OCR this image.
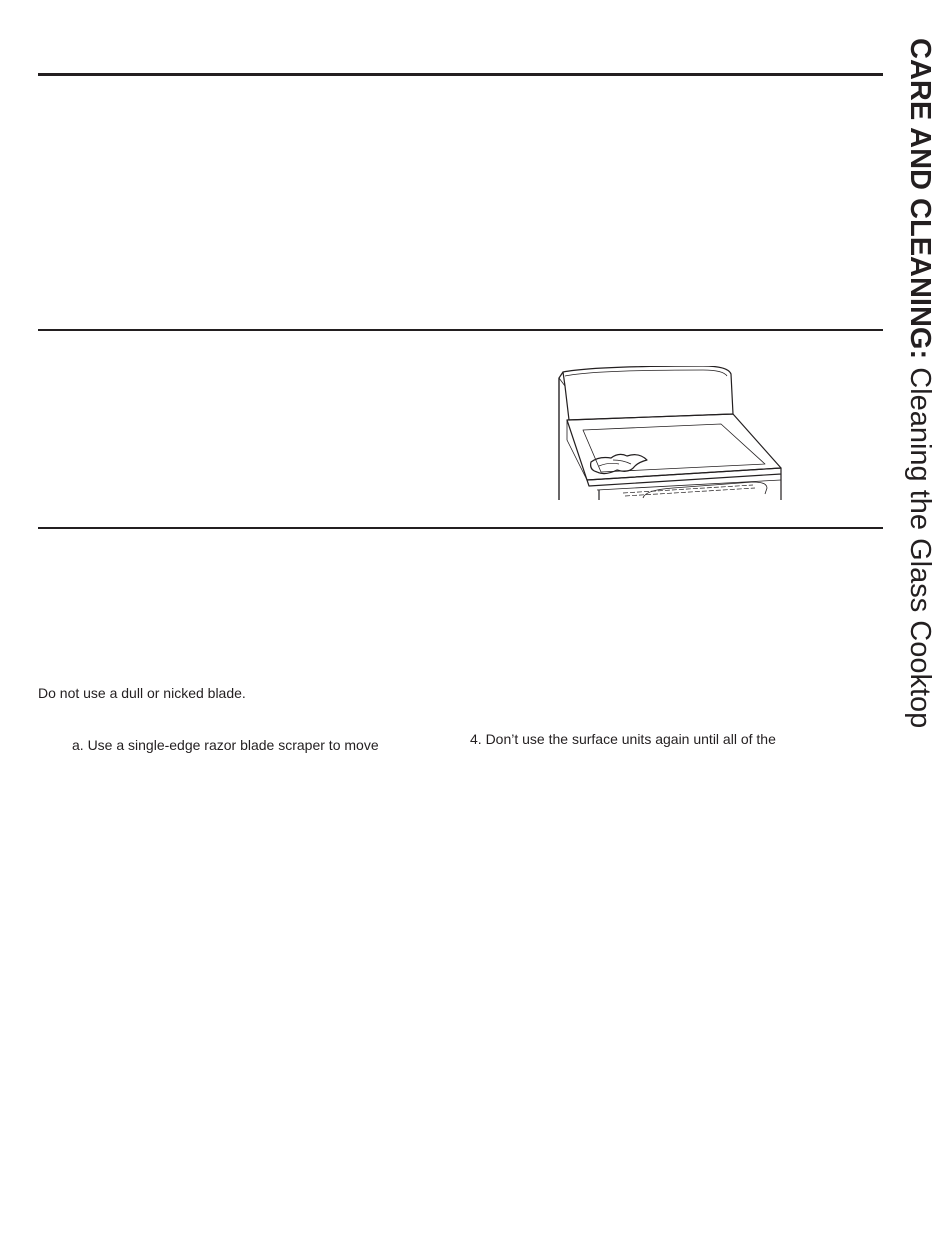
Do not use a dull or nicked blade.
a. Use a single-edge razor blade scraper to move	4. Don’t use the surface units again until all of the
CARE AND CLEANING: Cleaning the Glass Cooktop
